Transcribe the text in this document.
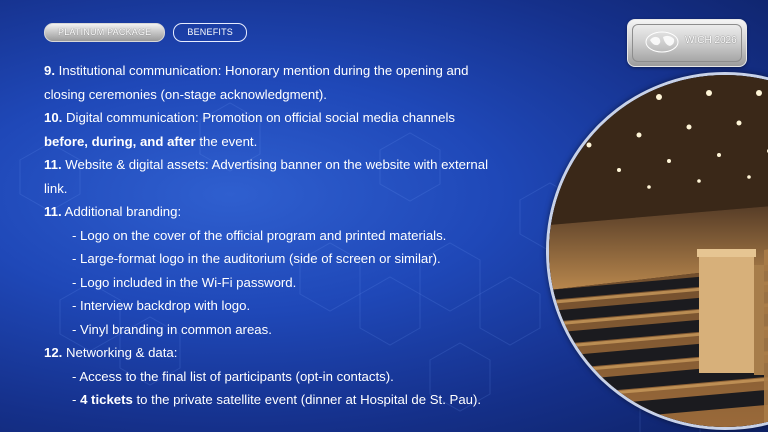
PLATINUM PACKAGE	BENEFITS
WICH 2026
9. Institutional communication: Honorary mention during the opening and
closing ceremonies (on-stage acknowledgment).
10. Digital communication: Promotion on official social media channels
before, during, and after the event.
11. Website & digital assets: Advertising banner on the website with external
link.
11. Additional branding:
- Logo on the cover of the official program and printed materials.
- Large-format logo in the auditorium (side of screen or similar).
- Logo included in the Wi-Fi password.
- Interview backdrop with logo.
- Vinyl branding in common areas.
12. Networking & data:
- Access to the final list of participants (opt-in contacts).
- 4 tickets to the private satellite event (dinner at Hospital de St. Pau).
